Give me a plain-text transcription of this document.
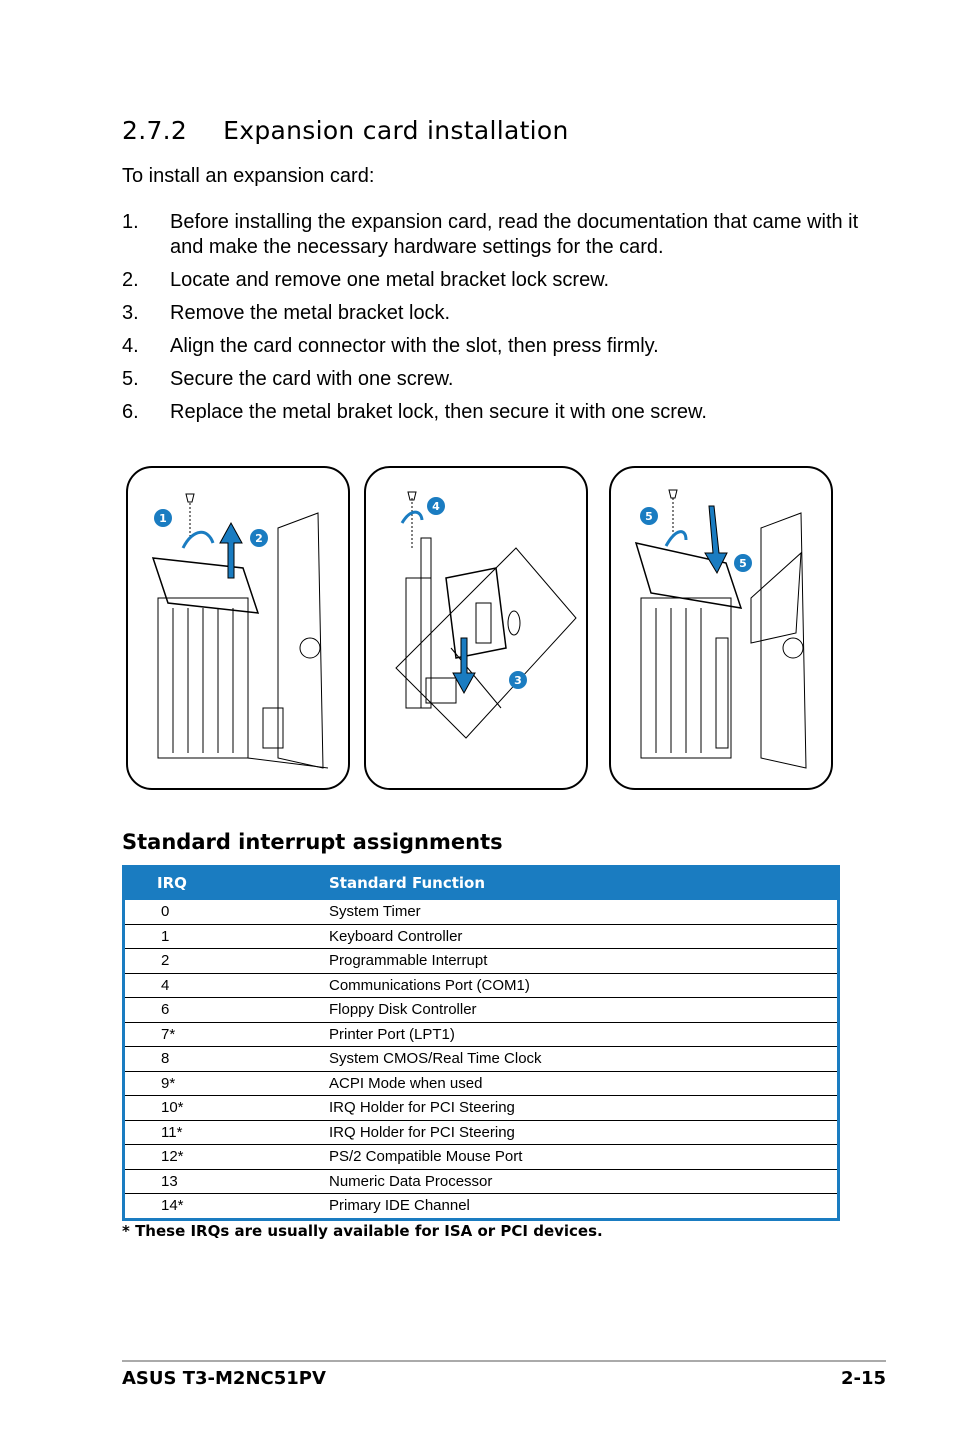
2.7.2 Expansion card installation
To install an expansion card:
1.	Before installing the expansion card, read the documentation that came with it and make the necessary hardware settings for the card.
2.	Locate and remove one metal bracket lock screw.
3.	Remove the metal bracket lock.
4.	Align the card connector with the slot, then press firmly.
5.	Secure the card with one screw.
6.	Replace the metal braket lock, then secure it with one screw.
1
2
4
3
5
5
Standard interrupt assignments
IRQ	Standard Function
0	System Timer
1	Keyboard Controller
2	Programmable Interrupt
4	Communications Port (COM1)
6	Floppy Disk Controller
7*	Printer Port (LPT1)
8	System CMOS/Real Time Clock
9*	ACPI Mode when used
10*	IRQ Holder for PCI Steering
11*	IRQ Holder for PCI Steering
12*	PS/2 Compatible Mouse Port
13	Numeric Data Processor
14*	Primary IDE Channel
* These IRQs are usually available for ISA or PCI devices.
ASUS T3-M2NC51PV	2-15
